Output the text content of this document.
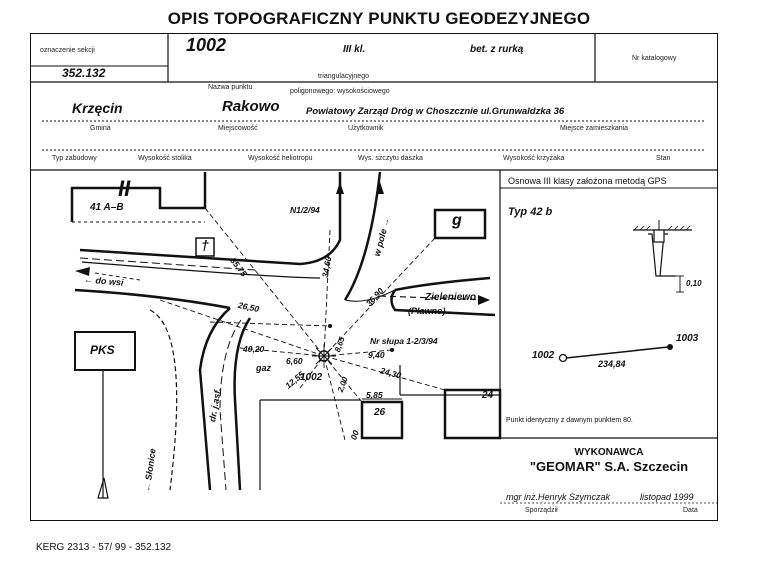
OPIS TOPOGRAFICZNY PUNKTU GEODEZYJNEGO
oznaczenie sekcji
352.132
1002	III kl.	bet. z rurką
Nr katalogowy
Nazwa punktu
triangulacyjnego
poligonowego: wysokościowego
Krzęcin	Rakowo	Powiatowy Zarząd Dróg w Choszcznie ul.Grunwaldzka 36
Gmina	Miejscowość	Użytkownik	Miejsce zamieszkania
Typ zabudowy	Wysokość stolika	Wysokość heliotropu	Wys. szczytu daszka	Wysokość krzyżaka	Stan
II
41 A–B
g
†
PKS
← do wsi
w pole →
Zieleniewo
(Pławno)
← Słonice
dr. j.asf.
N1/2/94
Nr słupa 1-2/3/94
1002
gaz
26
24
35,75	34,60
36,90
26,50
40,20
6,60
12,55
9,40
24,30
8,65
5,85
00
2,00
Osnowa III klasy założona metodą GPS
Typ 42 b
0,10
1002
1003
234,84
Punkt identyczny z dawnym punktem 80.
WYKONAWCA
"GEOMAR" S.A. Szczecin
mgr inż.Henryk Szymczak	listopad 1999
Sporządził	Data
KERG 2313 - 57/ 99 - 352.132
